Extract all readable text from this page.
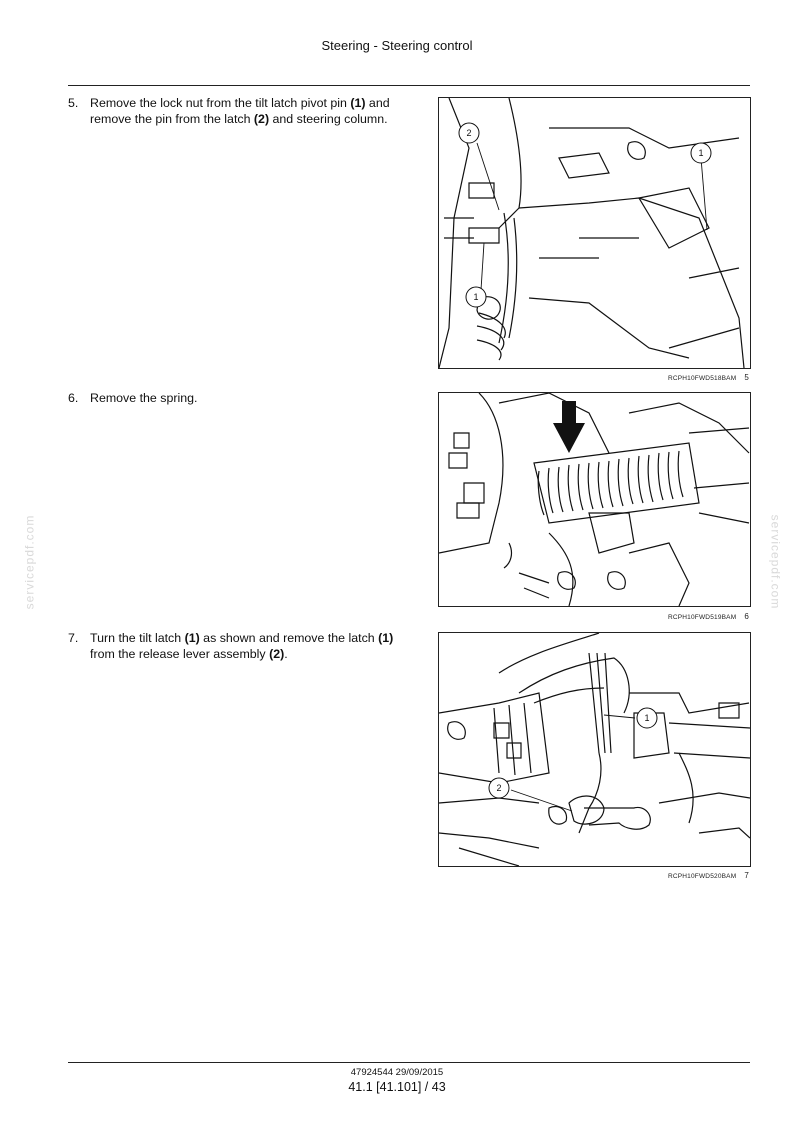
Steering - Steering control
servicepdf.com	servicepdf.com
5. Remove the lock nut from the tilt latch pivot pin (1) and remove the pin from the latch (2) and steering column.
2
1
1
RCPH10FWD518BAM 5
6. Remove the spring.
RCPH10FWD519BAM 6
7. Turn the tilt latch (1) as shown and remove the latch (1) from the release lever assembly (2).
1
2
RCPH10FWD520BAM 7
47924544 29/09/2015
41.1 [41.101] / 43
